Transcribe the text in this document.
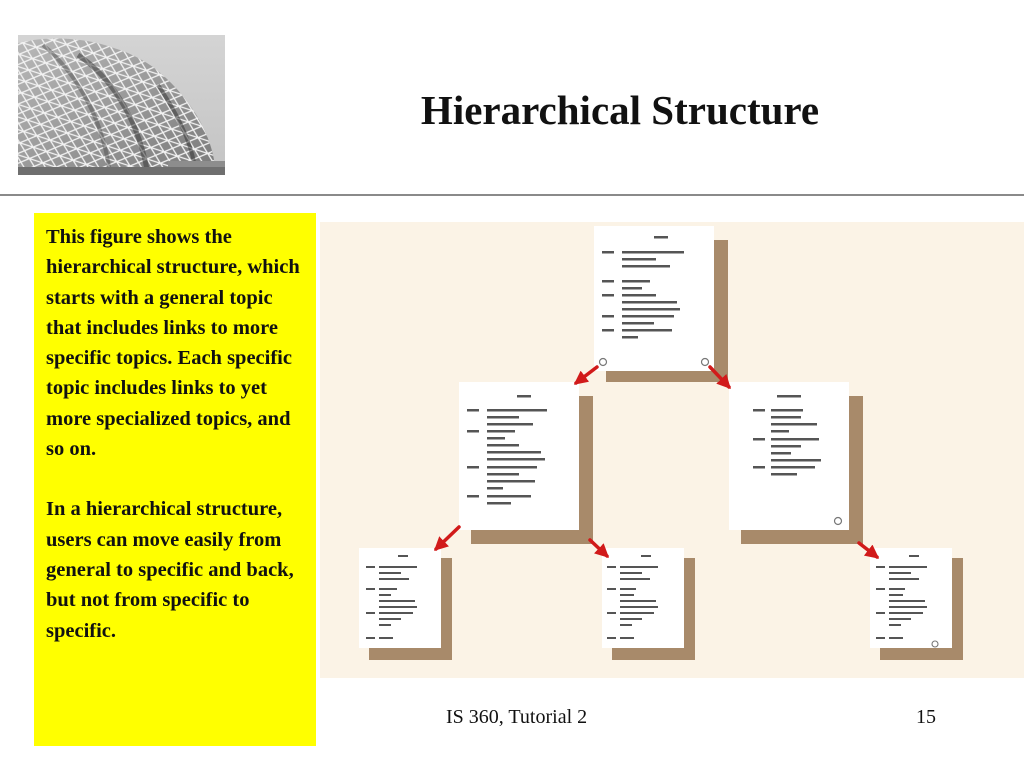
Hierarchical Structure

This figure shows the hierarchical structure, which starts with a general topic that includes links to more specific topics. Each specific topic includes links to yet more specialized topics, and so on.

In a hierarchical structure, users can move easily from general to specific and back, but not from specific to specific.

IS 360, Tutorial 2	15
